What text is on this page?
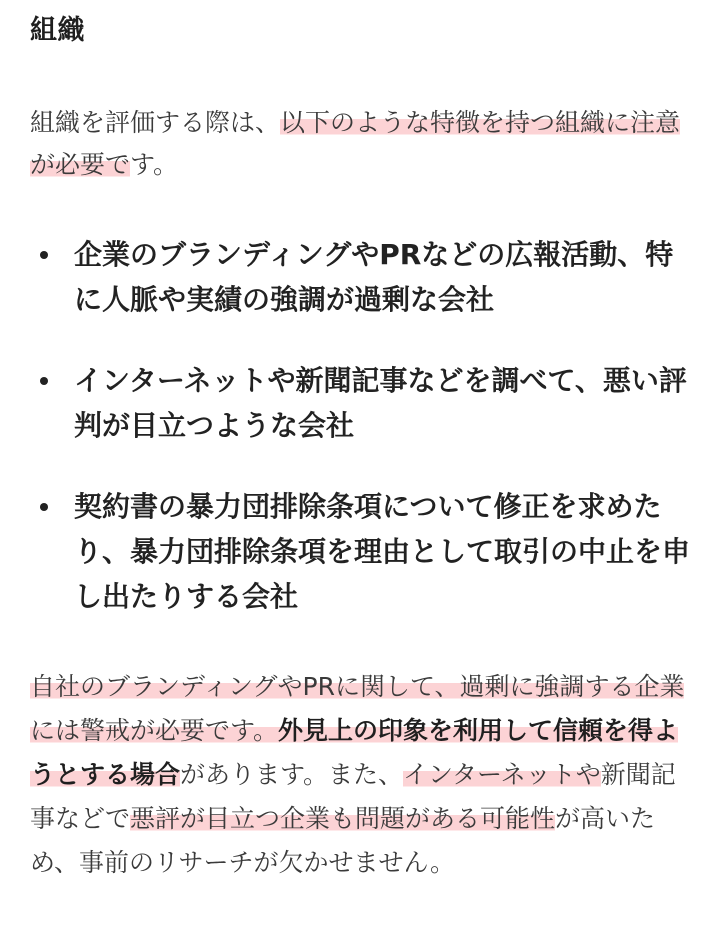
組織

組織を評価する際は、以下のような特徴を持つ組織に注意が必要です。

企業のブランディングやPRなどの広報活動、特に人脈や実績の強調が過剰な会社
インターネットや新聞記事などを調べて、悪い評判が目立つような会社
契約書の暴力団排除条項について修正を求めたり、暴力団排除条項を理由として取引の中止を申し出たりする会社

自社のブランディングやPRに関して、過剰に強調する企業には警戒が必要です。外見上の印象を利用して信頼を得ようとする場合があります。また、インターネットや新聞記事などで悪評が目立つ企業も問題がある可能性が高いため、事前のリサーチが欠かせません。
